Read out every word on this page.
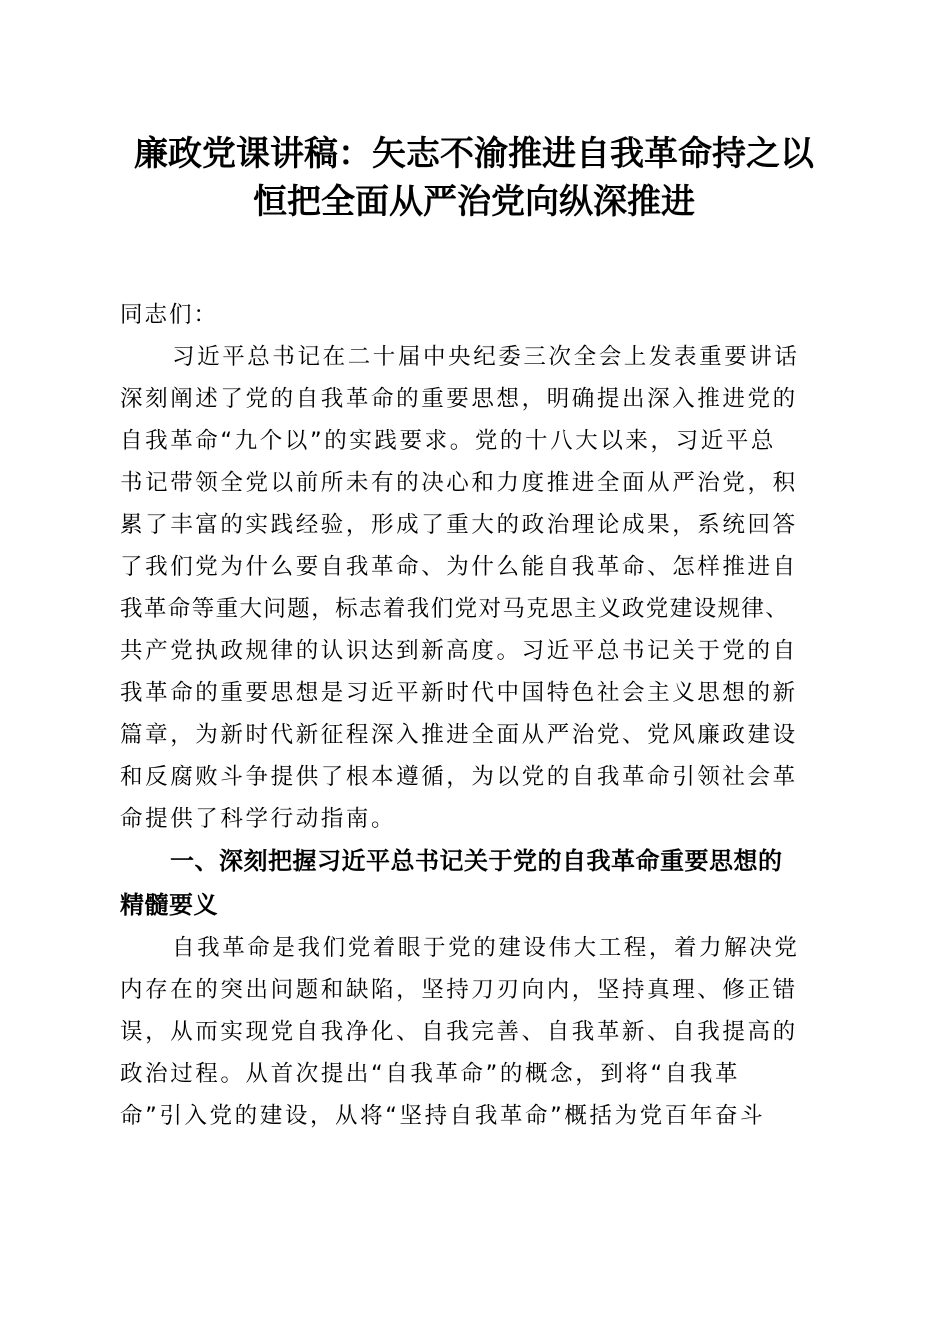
廉政党课讲稿：矢志不渝推进自我革命持之以
恒把全面从严治党向纵深推进
同志们：
习近平总书记在二十届中央纪委三次全会上发表重要讲话
深刻阐述了党的自我革命的重要思想，明确提出深入推进党的
自我革命“九个以”的实践要求。党的十八大以来，习近平总
书记带领全党以前所未有的决心和力度推进全面从严治党，积
累了丰富的实践经验，形成了重大的政治理论成果，系统回答
了我们党为什么要自我革命、为什么能自我革命、怎样推进自
我革命等重大问题，标志着我们党对马克思主义政党建设规律、
共产党执政规律的认识达到新高度。习近平总书记关于党的自
我革命的重要思想是习近平新时代中国特色社会主义思想的新
篇章，为新时代新征程深入推进全面从严治党、党风廉政建设
和反腐败斗争提供了根本遵循，为以党的自我革命引领社会革
命提供了科学行动指南。
一、深刻把握习近平总书记关于党的自我革命重要思想的
精髓要义
自我革命是我们党着眼于党的建设伟大工程，着力解决党
内存在的突出问题和缺陷，坚持刀刃向内，坚持真理、修正错
误，从而实现党自我净化、自我完善、自我革新、自我提高的
政治过程。从首次提出“自我革命”的概念，到将“自我革
命”引入党的建设，从将“坚持自我革命”概括为党百年奋斗
